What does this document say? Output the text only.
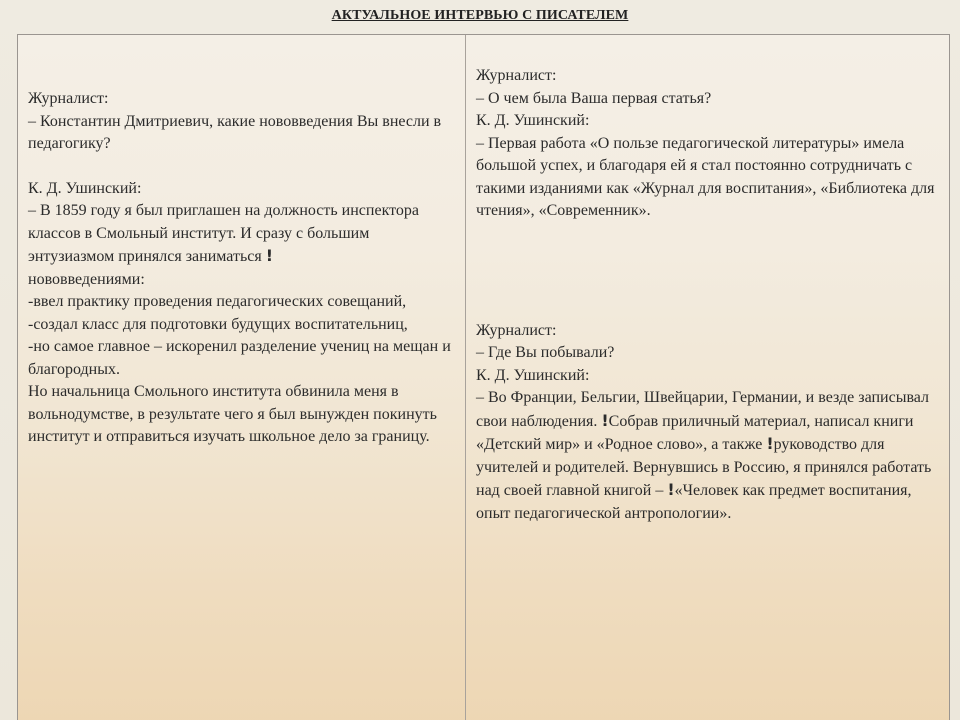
АКТУАЛЬНОЕ ИНТЕРВЬЮ С ПИСАТЕЛЕМ

Журналист:

– Константин Дмитриевич, какие нововведения Вы внесли в педагогику?

К. Д. Ушинский:

– В 1859 году я был приглашен на должность инспектора классов в Смольный институт. И сразу с большим энтузиазмом принялся заниматься !
нововведениями:

-ввел практику проведения педагогических совещаний,

-создал класс для подготовки будущих воспитательниц,

-но самое главное – искоренил разделение учениц на мещан и благородных.

Но начальница Смольного института обвинила меня в вольнодумстве, в результате чего я был вынужден покинуть институт и отправиться изучать школьное дело за границу.

Журналист:

– О чем была Ваша первая статья?

К. Д. Ушинский:

– Первая работа «О пользе педагогической литературы» имела большой успех, и благодаря ей я стал постоянно сотрудничать с такими изданиями как «Журнал для воспитания», «Библиотека для чтения», «Современник».

Журналист:

– Где Вы побывали?

К. Д. Ушинский:

– Во Франции, Бельгии, Швейцарии, Германии, и везде записывал свои наблюдения. !Собрав приличный материал, написал книги «Детский мир» и «Родное слово», а также !руководство для учителей и родителей. Вернувшись в Россию, я принялся работать над своей главной книгой – !«Человек как предмет воспитания, опыт педагогической антропологии».
